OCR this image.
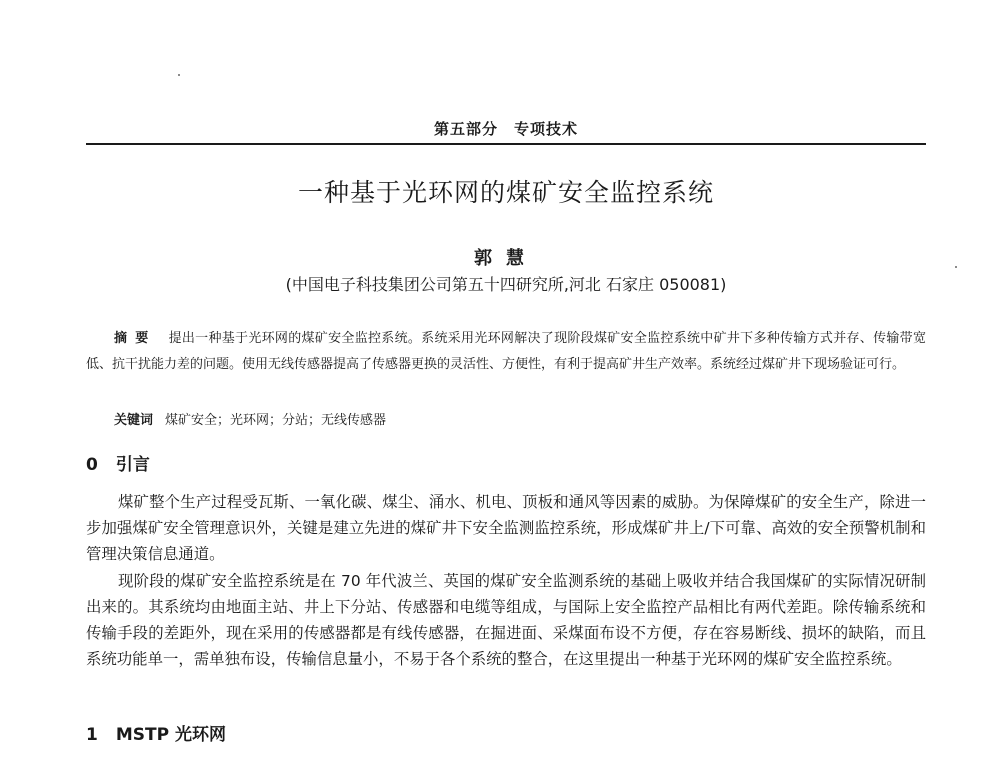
第五部分　专项技术
一种基于光环网的煤矿安全监控系统
郭慧
(中国电子科技集团公司第五十四研究所,河北 石家庄 050081)
摘要 提出一种基于光环网的煤矿安全监控系统。系统采用光环网解决了现阶段煤矿安全监控系统中矿井下多种传输方式并存、传输带宽低、抗干扰能力差的问题。使用无线传感器提高了传感器更换的灵活性、方便性，有利于提高矿井生产效率。系统经过煤矿井下现场验证可行。
关键词 煤矿安全；光环网；分站；无线传感器
0 引言
煤矿整个生产过程受瓦斯、一氧化碳、煤尘、涌水、机电、顶板和通风等因素的威胁。为保障煤矿的安全生产，除进一步加强煤矿安全管理意识外，关键是建立先进的煤矿井下安全监测监控系统，形成煤矿井上/下可靠、高效的安全预警机制和管理决策信息通道。
现阶段的煤矿安全监控系统是在 70 年代波兰、英国的煤矿安全监测系统的基础上吸收并结合我国煤矿的实际情况研制出来的。其系统均由地面主站、井上下分站、传感器和电缆等组成，与国际上安全监控产品相比有两代差距。除传输系统和传输手段的差距外，现在采用的传感器都是有线传感器，在掘进面、采煤面布设不方便，存在容易断线、损坏的缺陷，而且系统功能单一，需单独布设，传输信息量小，不易于各个系统的整合，在这里提出一种基于光环网的煤矿安全监控系统。
1 MSTP 光环网
